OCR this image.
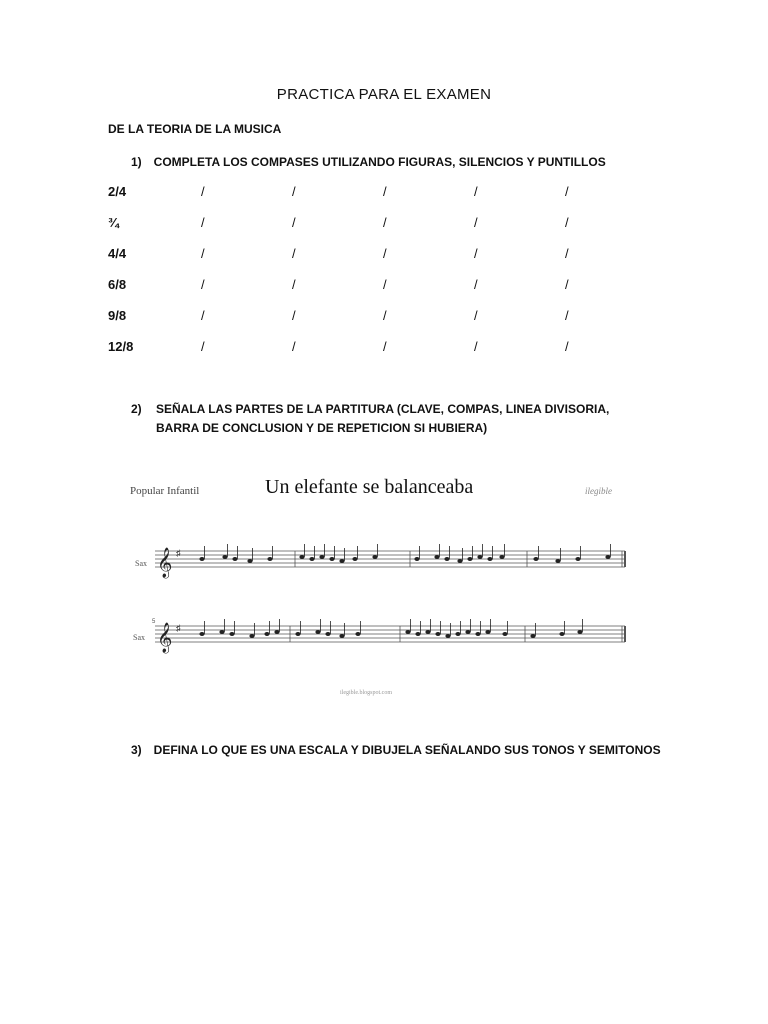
PRACTICA PARA EL EXAMEN
DE LA TEORIA DE LA MUSICA
1) COMPLETA LOS COMPASES UTILIZANDO FIGURAS, SILENCIOS Y PUNTILLOS
2/4	/	/	/	/	/
¾	/	/	/	/	/
4/4	/	/	/	/	/
6/8	/	/	/	/	/
9/8	/	/	/	/	/
12/8	/	/	/	/	/
2)	SEÑALA LAS PARTES DE LA PARTITURA (CLAVE, COMPAS, LINEA DIVISORIA, BARRA DE CONCLUSION Y DE REPETICION SI HUBIERA)
Popular Infantil	Un elefante se balanceaba	ilegible
Sax 𝄞 ♯
5
Sax 𝄞 ♯
ilegible.blogspot.com
3) DEFINA LO QUE ES UNA ESCALA Y DIBUJELA SEÑALANDO SUS TONOS Y SEMITONOS
